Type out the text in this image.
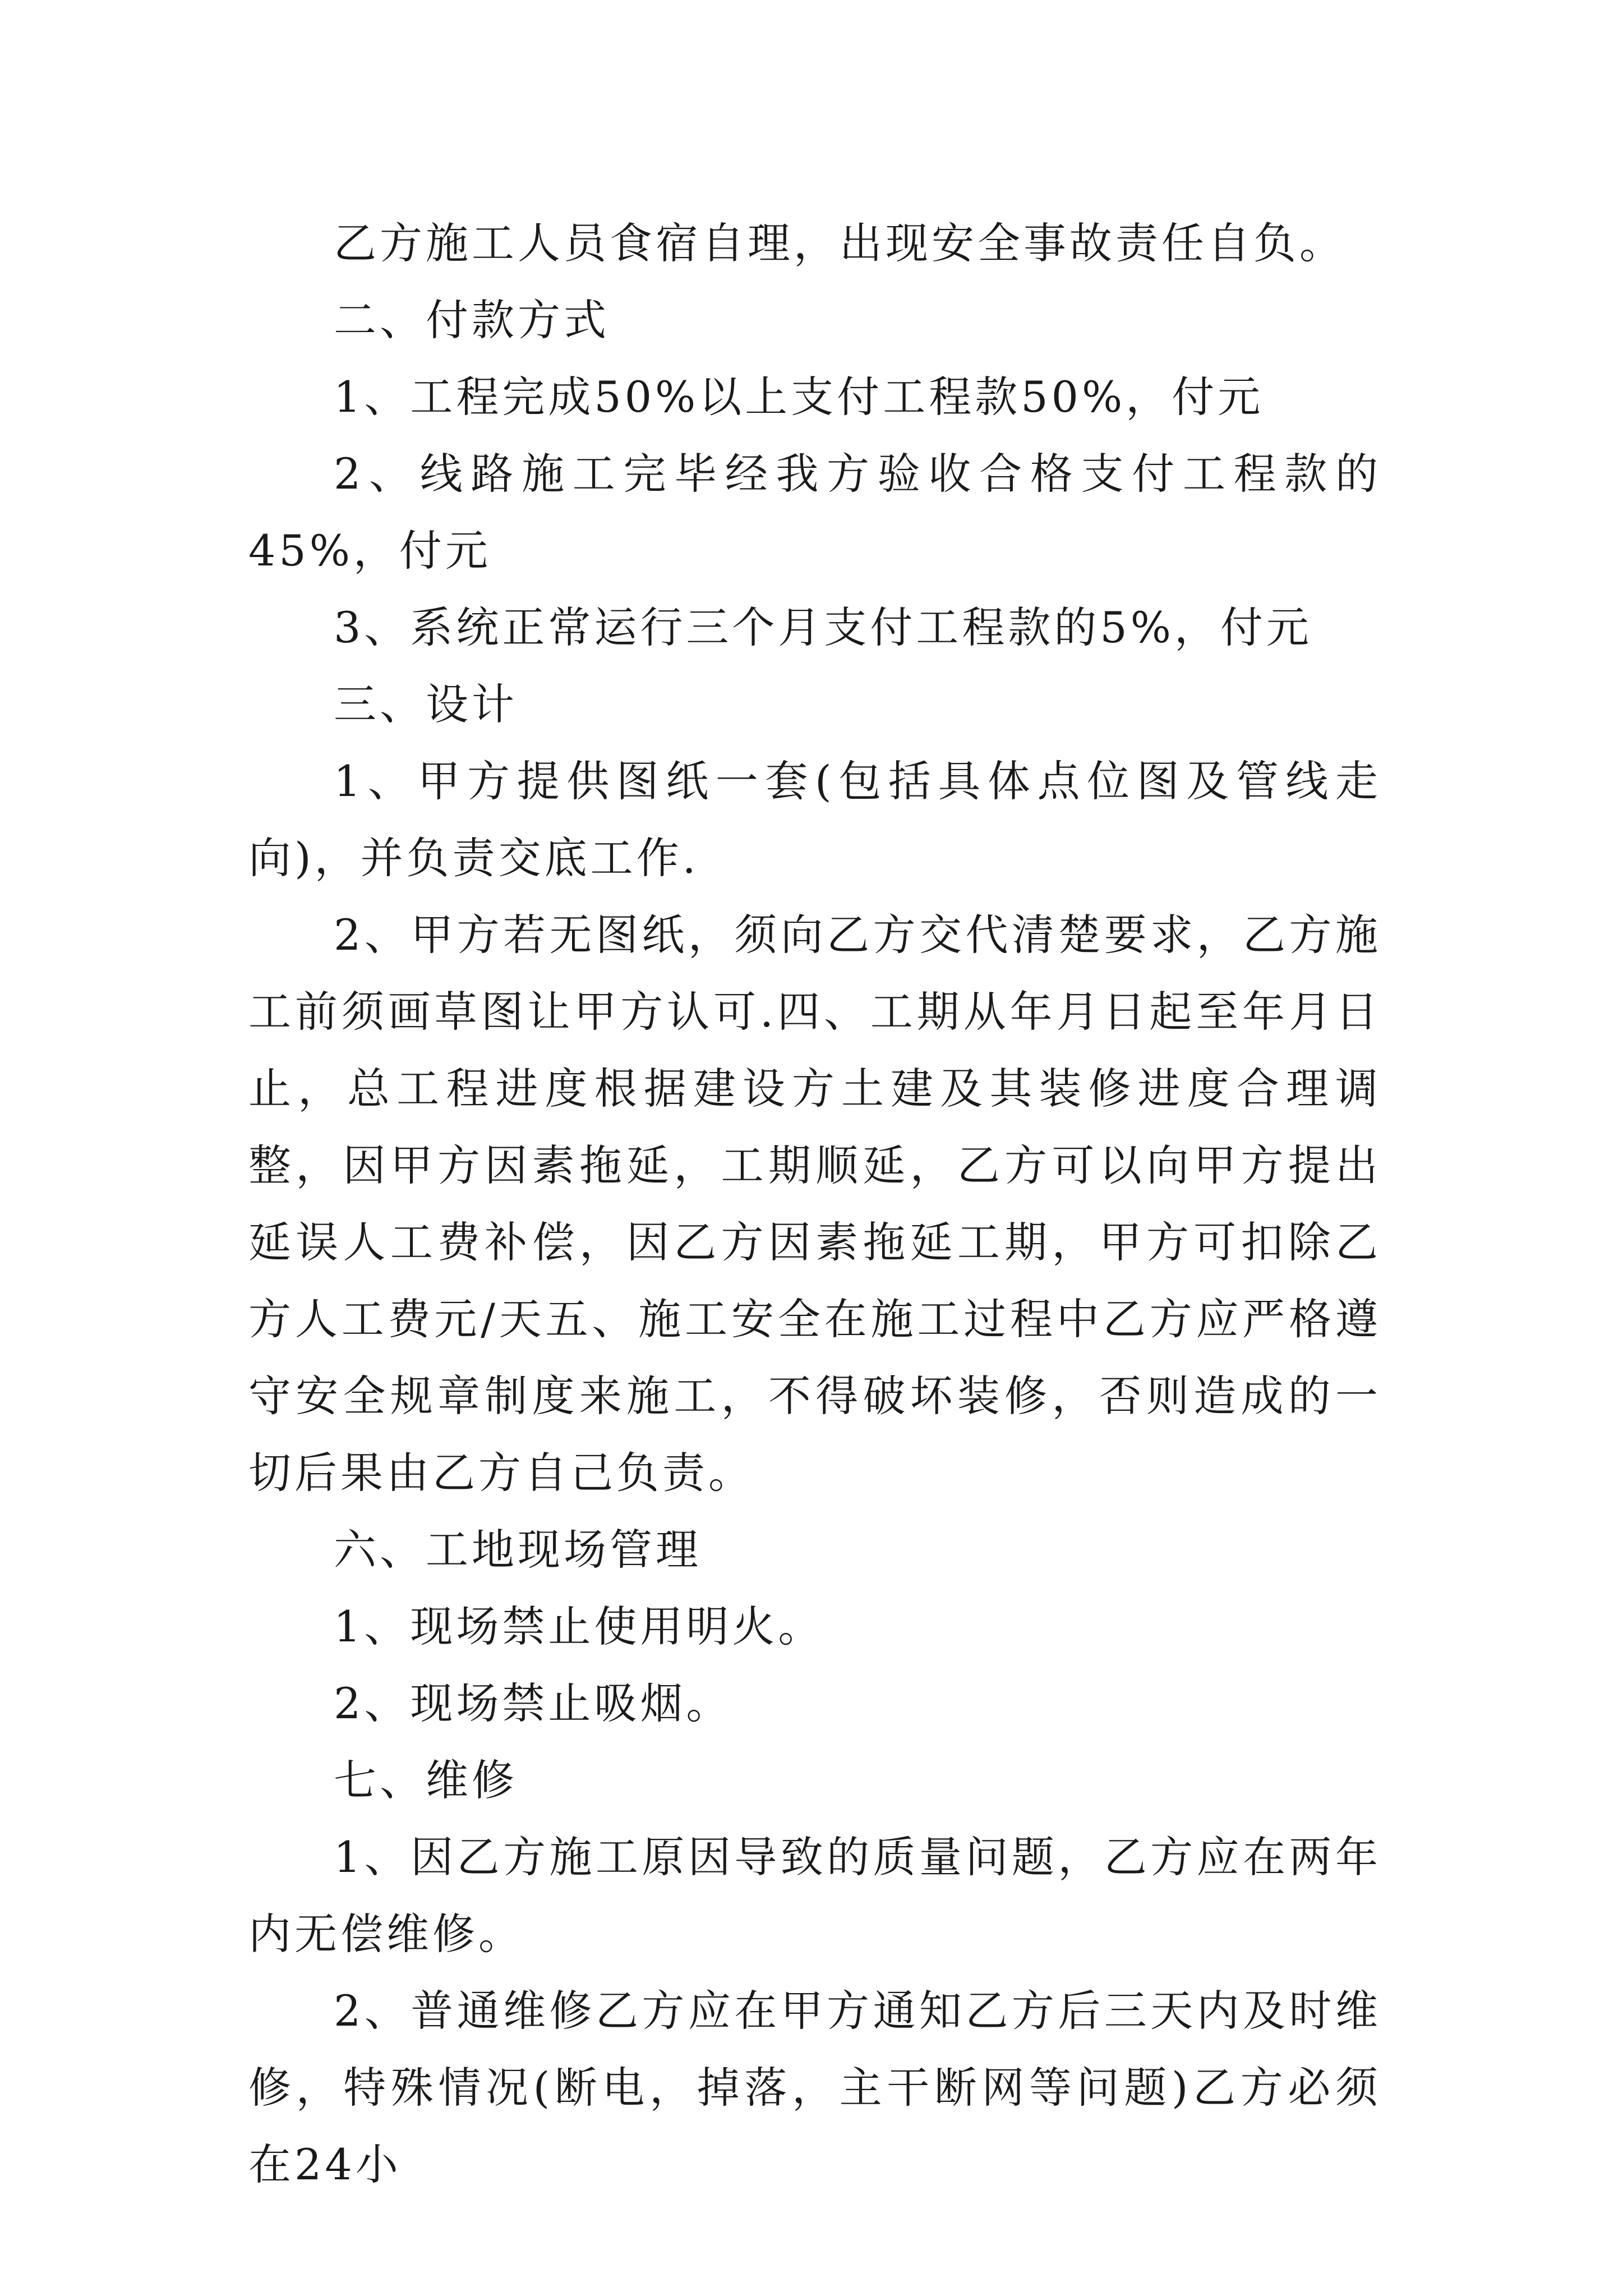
乙方施工人员食宿自理，出现安全事故责任自负。

二、付款方式

1、工程完成50%以上支付工程款50%，付元

2、线路施工完毕经我方验收合格支付工程款的45%，付元

3、系统正常运行三个月支付工程款的5%，付元

三、设计

1、甲方提供图纸一套(包括具体点位图及管线走向)，并负责交底工作.

2、甲方若无图纸，须向乙方交代清楚要求，乙方施工前须画草图让甲方认可.四、工期从年月日起至年月日止，总工程进度根据建设方土建及其装修进度合理调整，因甲方因素拖延，工期顺延，乙方可以向甲方提出延误人工费补偿，因乙方因素拖延工期，甲方可扣除乙方人工费元/天五、施工安全在施工过程中乙方应严格遵守安全规章制度来施工，不得破坏装修，否则造成的一切后果由乙方自己负责。

六、工地现场管理

1、现场禁止使用明火。

2、现场禁止吸烟。

七、维修

1、因乙方施工原因导致的质量问题，乙方应在两年内无偿维修。

2、普通维修乙方应在甲方通知乙方后三天内及时维修，特殊情况(断电，掉落，主干断网等问题)乙方必须在24小
